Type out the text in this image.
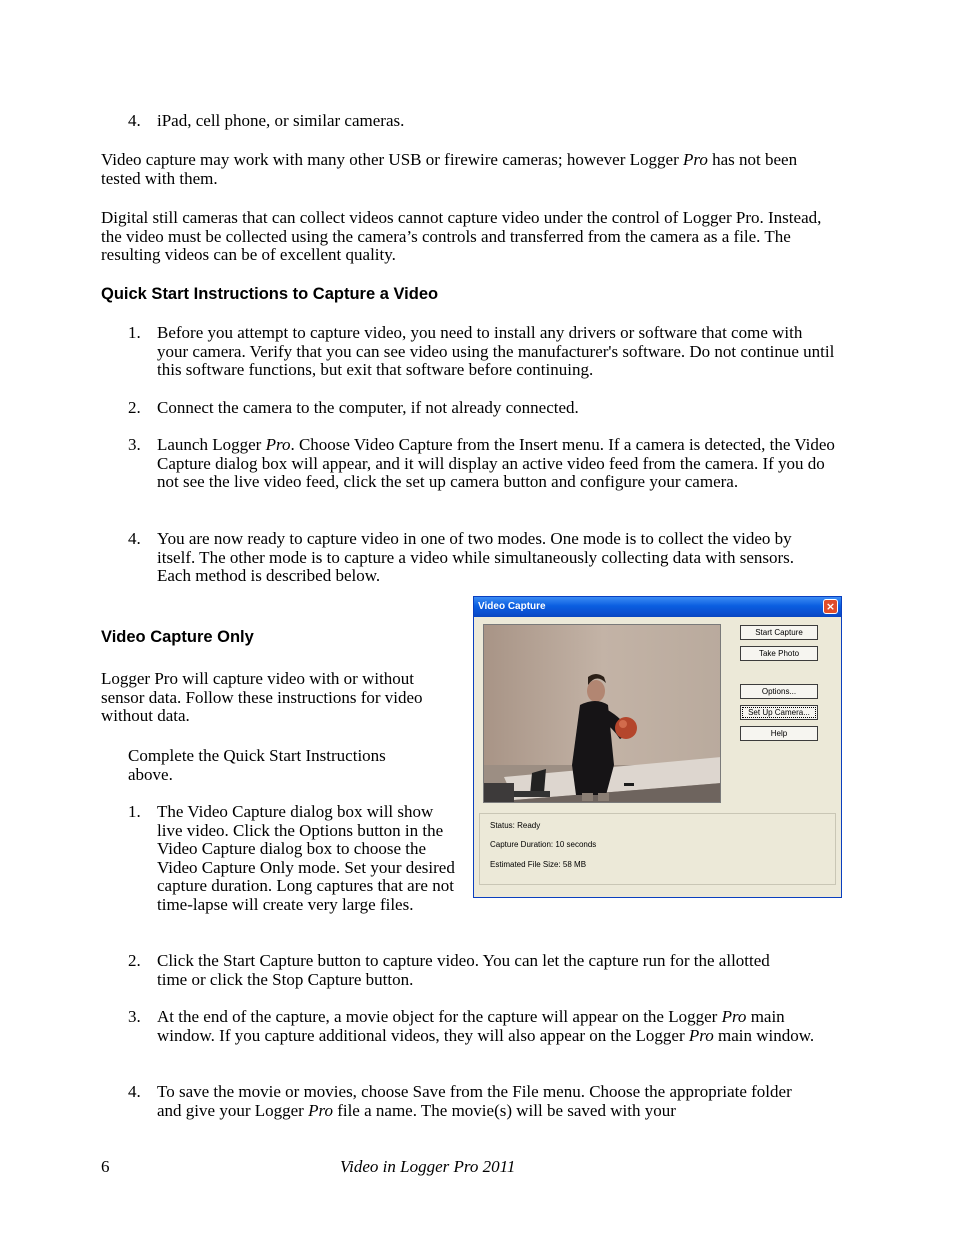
4. iPad, cell phone, or similar cameras.

Video capture may work with many other USB or firewire cameras; however Logger Pro has not been tested with them.

Digital still cameras that can collect videos cannot capture video under the control of Logger Pro. Instead, the video must be collected using the camera’s controls and transferred from the camera as a file. The resulting videos can be of excellent quality.

Quick Start Instructions to Capture a Video
1. Before you attempt to capture video, you need to install any drivers or software that come with your camera. Verify that you can see video using the manufacturer's software. Do not continue until this software functions, but exit that software before continuing.

2. Connect the camera to the computer, if not already connected.

3. Launch Logger Pro. Choose Video Capture from the Insert menu. If a camera is detected, the Video Capture dialog box will appear, and it will display an active video feed from the camera. If you do not see the live video feed, click the set up camera button and configure your camera.

4. You are now ready to capture video in one of two modes. One mode is to collect the video by itself. The other mode is to capture a video while simultaneously collecting data with sensors. Each method is described below.

Video Capture Only

Logger Pro will capture video with or without sensor data. Follow these instructions for video without data.

Complete the Quick Start Instructions above.

1. The Video Capture dialog box will show live video. Click the Options button in the Video Capture dialog box to choose the Video Capture Only mode. Set your desired capture duration. Long captures that are not time-lapse will create very large files.

2. Click the Start Capture button to capture video. You can let the capture run for the allotted time or click the Stop Capture button.

3. At the end of the capture, a movie object for the capture will appear on the Logger Pro main window. If you capture additional videos, they will also appear on the Logger Pro main window.

4. To save the movie or movies, choose Save from the File menu. Choose the appropriate folder and give your Logger Pro file a name. The movie(s) will be saved with your

Video Capture	×
Start Capture
Take Photo
Options...
Set Up Camera...
Help
Status: Ready
Capture Duration: 10 seconds
Estimated File Size: 58 MB
6	Video in Logger Pro 2011
